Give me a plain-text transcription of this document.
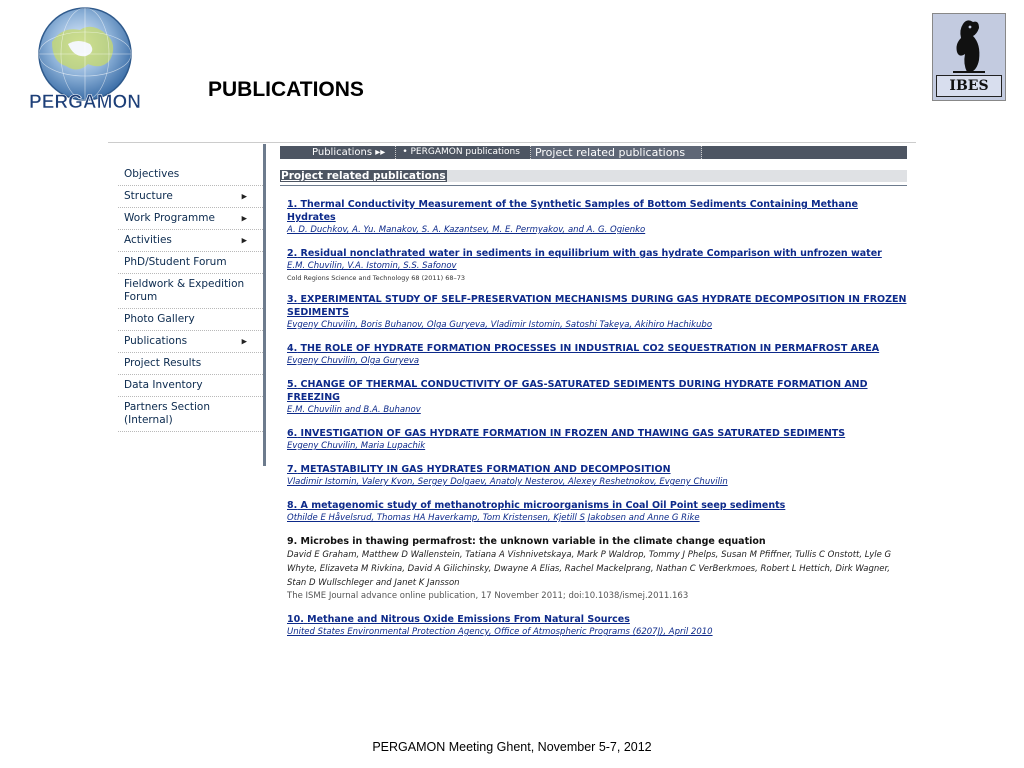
PERGAMON
PUBLICATIONS	IBES
Objectives
Structure	▶
Work Programme	▶
Activities	▶
PhD/Student Forum
Fieldwork & Expedition Forum
Photo Gallery
Publications	▶
Project Results
Data Inventory
Partners Section (Internal)
Publications ▸▸	• PERGAMON publications	Project related publications
Project related publications
1. Thermal Conductivity Measurement of the Synthetic Samples of Bottom Sediments Containing Methane Hydrates
A. D. Duchkov, A. Yu. Manakov, S. A. Kazantsev, M. E. Permyakov, and A. G. Ogienko
2. Residual nonclathrated water in sediments in equilibrium with gas hydrate Comparison with unfrozen water
E.M. Chuvilin, V.A. Istomin, S.S. Safonov
Cold Regions Science and Technology 68 (2011) 68–73
3. EXPERIMENTAL STUDY OF SELF-PRESERVATION MECHANISMS DURING GAS HYDRATE DECOMPOSITION IN FROZEN SEDIMENTS
Evgeny Chuvilin, Boris Buhanov, Olga Guryeva, Vladimir Istomin, Satoshi Takeya, Akihiro Hachikubo
4. THE ROLE OF HYDRATE FORMATION PROCESSES IN INDUSTRIAL CO2 SEQUESTRATION IN PERMAFROST AREA
Evgeny Chuvilin, Olga Guryeva
5. CHANGE OF THERMAL CONDUCTIVITY OF GAS-SATURATED SEDIMENTS DURING HYDRATE FORMATION AND FREEZING
E.M. Chuvilin and B.A. Buhanov
6. INVESTIGATION OF GAS HYDRATE FORMATION IN FROZEN AND THAWING GAS SATURATED SEDIMENTS
Evgeny Chuvilin, Maria Lupachik
7. METASTABILITY IN GAS HYDRATES FORMATION AND DECOMPOSITION
Vladimir Istomin, Valery Kvon, Sergey Dolgaev, Anatoly Nesterov, Alexey Reshetnokov, Evgeny Chuvilin
8. A metagenomic study of methanotrophic microorganisms in Coal Oil Point seep sediments
Othilde E Håvelsrud, Thomas HA Haverkamp, Tom Kristensen, Kjetill S Jakobsen and Anne G Rike
9. Microbes in thawing permafrost: the unknown variable in the climate change equation
David E Graham, Matthew D Wallenstein, Tatiana A Vishnivetskaya, Mark P Waldrop, Tommy J Phelps, Susan M Pfiffner, Tullis C Onstott, Lyle G Whyte, Elizaveta M Rivkina, David A Gilichinsky, Dwayne A Elias, Rachel Mackelprang, Nathan C VerBerkmoes, Robert L Hettich, Dirk Wagner, Stan D Wullschleger and Janet K Jansson
The ISME Journal advance online publication, 17 November 2011; doi:10.1038/ismej.2011.163
10. Methane and Nitrous Oxide Emissions From Natural Sources
United States Environmental Protection Agency, Office of Atmospheric Programs (6207J), April 2010
PERGAMON Meeting Ghent, November 5-7, 2012
